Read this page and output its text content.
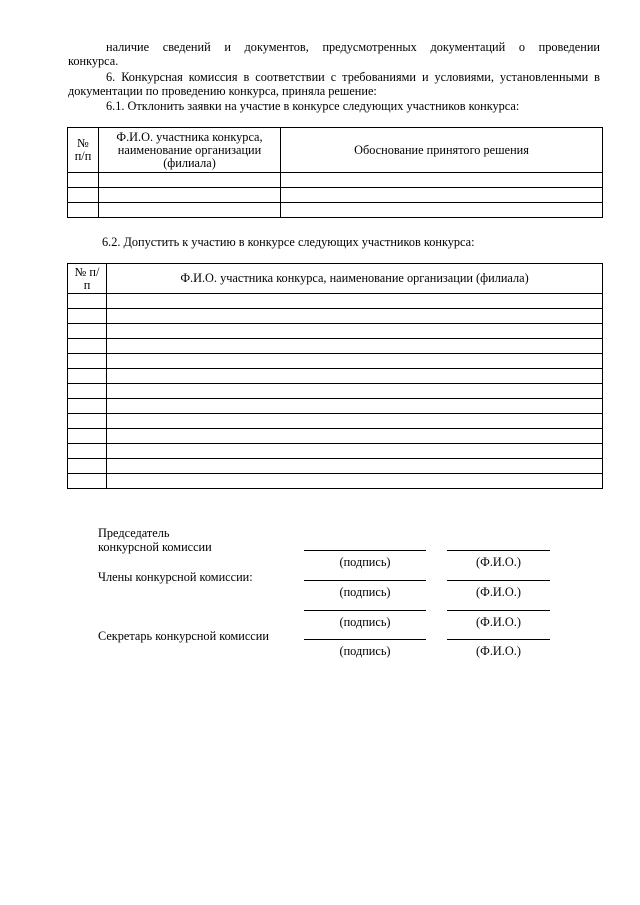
наличие сведений и документов, предусмотренных документаций о проведении

конкурса.

6. Конкурсная комиссия в соответствии с требованиями и условиями, установленными в

документации по проведению конкурса, приняла решение:

6.1. Отклонить заявки на участие в конкурсе следующих участников конкурса:

№ п/п	Ф.И.О. участника конкурса, наименование организации (филиала)	Обоснование принятого решения

6.2. Допустить к участию в конкурсе следующих участников конкурса:

№ п/п	Ф.И.О. участника конкурса, наименование организации (филиала)

Председатель

конкурсной комиссии

(подпись)	(Ф.И.О.)

Члены конкурсной комиссии:

(подпись)	(Ф.И.О.)
(подпись)	(Ф.И.О.)

Секретарь конкурсной комиссии

(подпись)	(Ф.И.О.)
